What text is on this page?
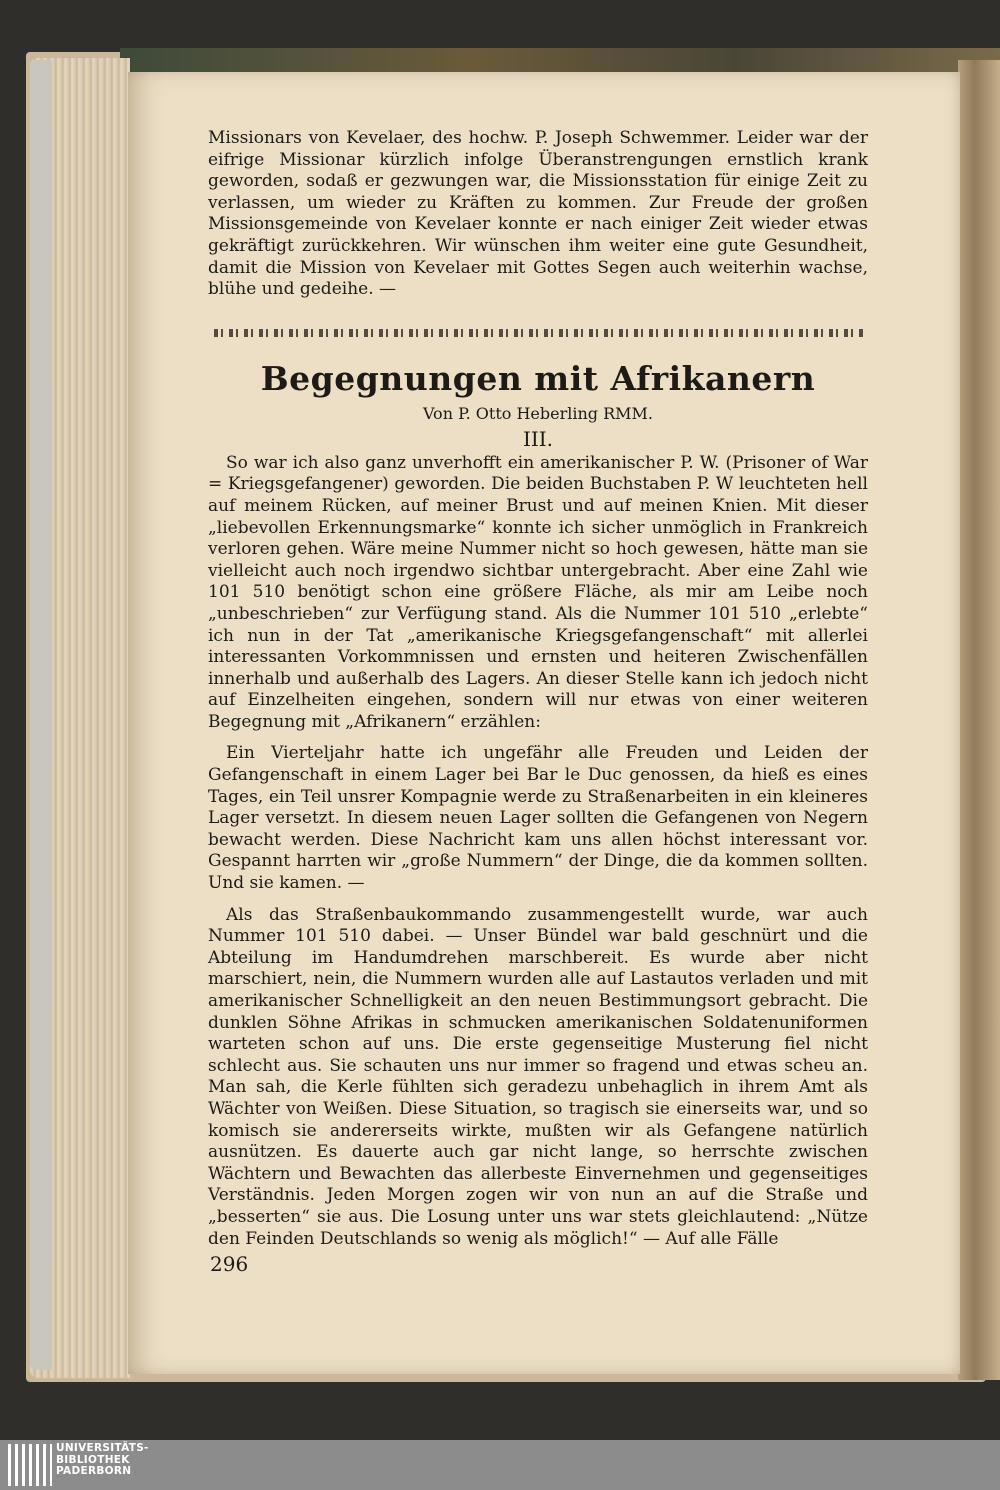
Missionars von Kevelaer, des hochw. P. Joseph Schwemmer. Leider war der eifrige Missionar kürzlich infolge Überanstrengungen ernstlich krank geworden, sodaß er gezwungen war, die Missionsstation für einige Zeit zu verlassen, um wieder zu Kräften zu kommen. Zur Freude der großen Missionsgemeinde von Kevelaer konnte er nach einiger Zeit wieder etwas gekräftigt zurückkehren. Wir wünschen ihm weiter eine gute Gesundheit, damit die Mission von Kevelaer mit Gottes Segen auch weiterhin wachse, blühe und gedeihe. —

Begegnungen mit Afrikanern
Von P. Otto Heberling RMM.
III.

So war ich also ganz unverhofft ein amerikanischer P. W. (Prisoner of War = Kriegsgefangener) geworden. Die beiden Buchstaben P. W leuchteten hell auf meinem Rücken, auf meiner Brust und auf meinen Knien. Mit dieser „liebevollen Erkennungsmarke“ konnte ich sicher unmöglich in Frankreich verloren gehen. Wäre meine Nummer nicht so hoch gewesen, hätte man sie vielleicht auch noch irgendwo sichtbar untergebracht. Aber eine Zahl wie 101 510 benötigt schon eine größere Fläche, als mir am Leibe noch „unbeschrieben“ zur Verfügung stand. Als die Nummer 101 510 „erlebte“ ich nun in der Tat „amerikanische Kriegsgefangenschaft“ mit allerlei interessanten Vorkommnissen und ernsten und heiteren Zwischenfällen innerhalb und außerhalb des Lagers. An dieser Stelle kann ich jedoch nicht auf Einzelheiten eingehen, sondern will nur etwas von einer weiteren Begegnung mit „Afrikanern“ erzählen:

Ein Vierteljahr hatte ich ungefähr alle Freuden und Leiden der Gefangenschaft in einem Lager bei Bar le Duc genossen, da hieß es eines Tages, ein Teil unsrer Kompagnie werde zu Straßenarbeiten in ein kleineres Lager versetzt. In diesem neuen Lager sollten die Gefangenen von Negern bewacht werden. Diese Nachricht kam uns allen höchst interessant vor. Gespannt harrten wir „große Nummern“ der Dinge, die da kommen sollten. Und sie kamen. —

Als das Straßenbaukommando zusammengestellt wurde, war auch Nummer 101 510 dabei. — Unser Bündel war bald geschnürt und die Abteilung im Handumdrehen marschbereit. Es wurde aber nicht marschiert, nein, die Nummern wurden alle auf Lastautos verladen und mit amerikanischer Schnelligkeit an den neuen Bestimmungsort gebracht. Die dunklen Söhne Afrikas in schmucken amerikanischen Soldatenuniformen warteten schon auf uns. Die erste gegenseitige Musterung fiel nicht schlecht aus. Sie schauten uns nur immer so fragend und etwas scheu an. Man sah, die Kerle fühlten sich geradezu unbehaglich in ihrem Amt als Wächter von Weißen. Diese Situation, so tragisch sie einerseits war, und so komisch sie andererseits wirkte, mußten wir als Gefangene natürlich ausnützen. Es dauerte auch gar nicht lange, so herrschte zwischen Wächtern und Bewachten das allerbeste Einvernehmen und gegenseitiges Verständnis. Jeden Morgen zogen wir von nun an auf die Straße und „besserten“ sie aus. Die Losung unter uns war stets gleichlautend: „Nütze den Feinden Deutschlands so wenig als möglich!“ — Auf alle Fälle

296
UNIVERSITÄTS-
BIBLIOTHEK
PADERBORN
